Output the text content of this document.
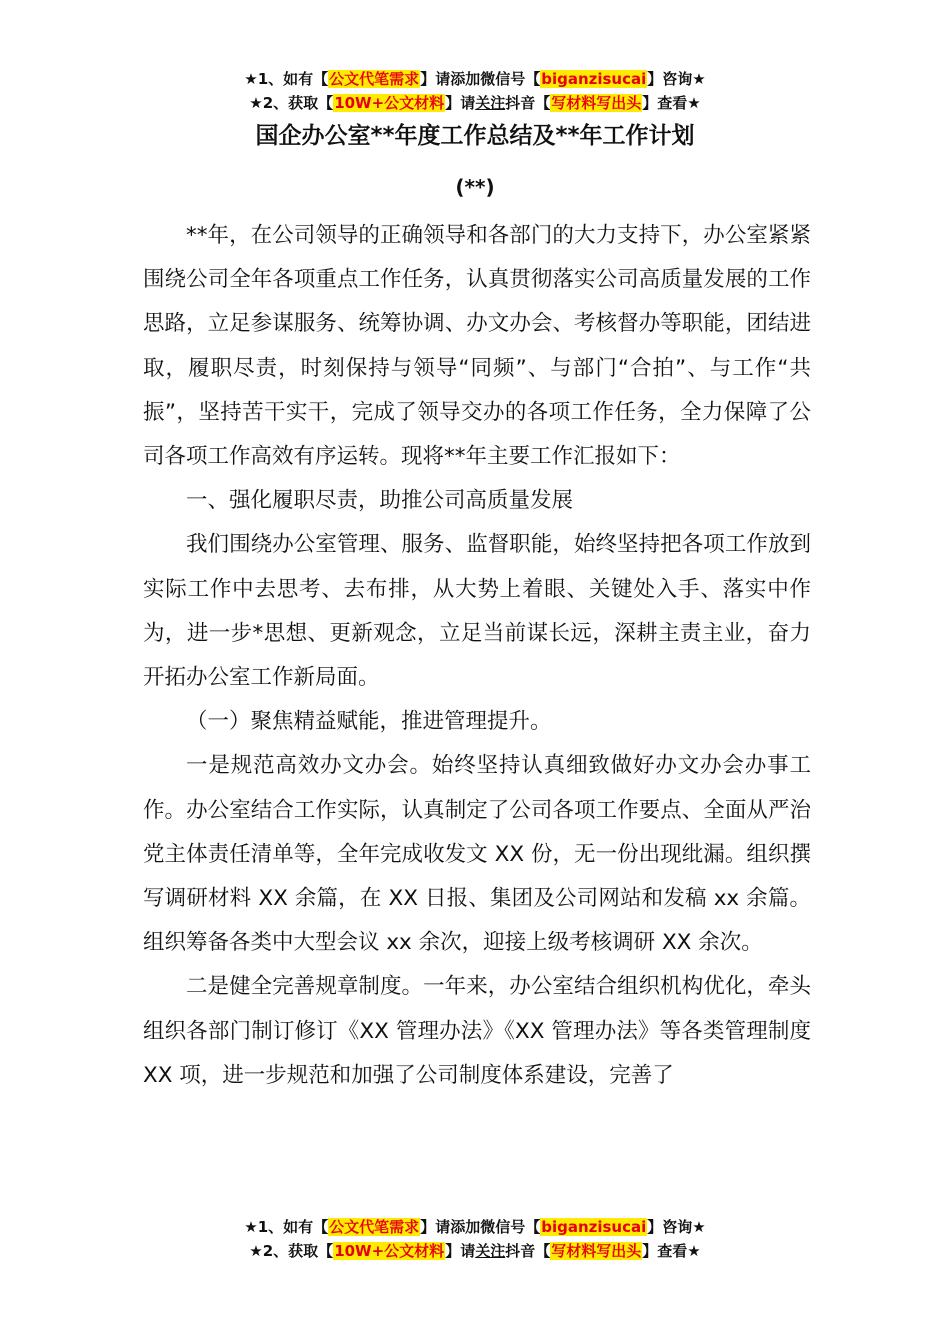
★1、如有【公文代笔需求】请添加微信号【biganzisucai】咨询★
★2、获取【10W+公文材料】请关注抖音【写材料写出头】查看★
国企办公室**年度工作总结及**年工作计划
(**)

**年，在公司领导的正确领导和各部门的大力支持下，办公室紧紧围绕公司全年各项重点工作任务，认真贯彻落实公司高质量发展的工作思路，立足参谋服务、统筹协调、办文办会、考核督办等职能，团结进取，履职尽责，时刻保持与领导“同频”、与部门“合拍”、与工作“共振”，坚持苦干实干，完成了领导交办的各项工作任务，全力保障了公司各项工作高效有序运转。现将**年主要工作汇报如下：

一、强化履职尽责，助推公司高质量发展

我们围绕办公室管理、服务、监督职能，始终坚持把各项工作放到实际工作中去思考、去布排，从大势上着眼、关键处入手、落实中作为，进一步*思想、更新观念，立足当前谋长远，深耕主责主业，奋力开拓办公室工作新局面。

（一）聚焦精益赋能，推进管理提升。

一是规范高效办文办会。始终坚持认真细致做好办文办会办事工作。办公室结合工作实际，认真制定了公司各项工作要点、全面从严治党主体责任清单等，全年完成收发文 XX 份，无一份出现纰漏。组织撰写调研材料 XX 余篇，在 XX 日报、集团及公司网站和发稿 xx 余篇。组织筹备各类中大型会议 xx 余次，迎接上级考核调研 XX 余次。

二是健全完善规章制度。一年来，办公室结合组织机构优化，牵头组织各部门制订修订《XX 管理办法》《XX 管理办法》等各类管理制度 XX 项，进一步规范和加强了公司制度体系建设，完善了

★1、如有【公文代笔需求】请添加微信号【biganzisucai】咨询★
★2、获取【10W+公文材料】请关注抖音【写材料写出头】查看★
